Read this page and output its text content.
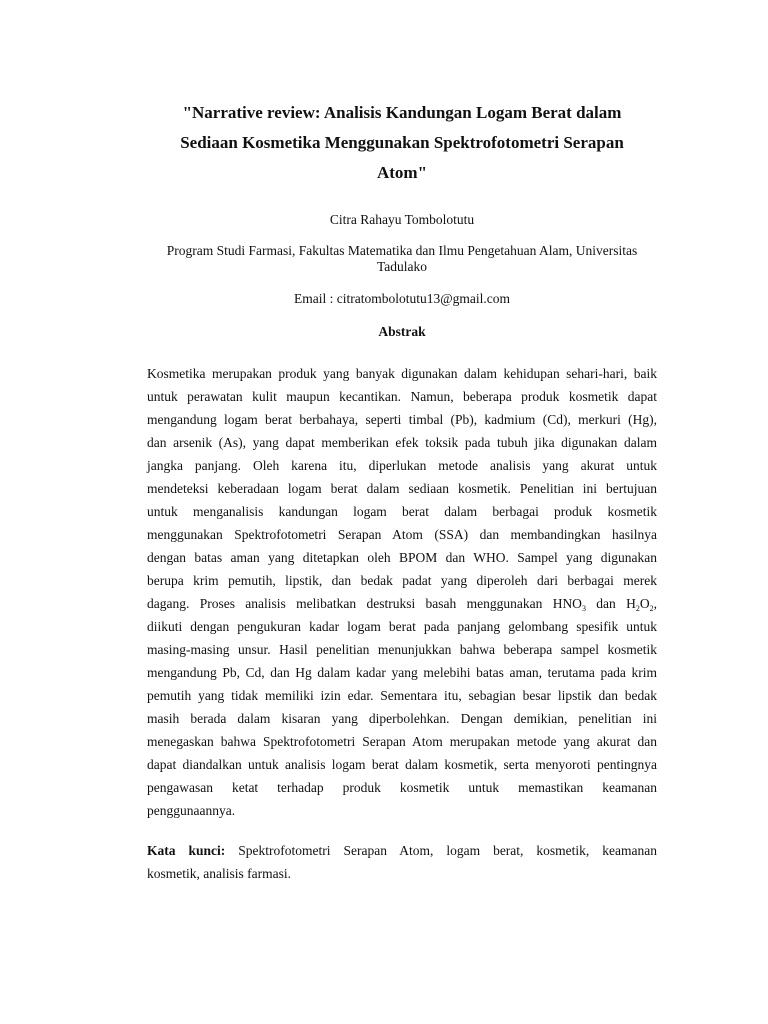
"Narrative review: Analisis Kandungan Logam Berat dalam
Sediaan Kosmetika Menggunakan Spektrofotometri Serapan
Atom"
Citra Rahayu Tombolotutu
Program Studi Farmasi, Fakultas Matematika dan Ilmu Pengetahuan Alam, Universitas
Tadulako
Email : citratombolotutu13@gmail.com
Abstrak
Kosmetika merupakan produk yang banyak digunakan dalam kehidupan sehari-hari, baik
untuk perawatan kulit maupun kecantikan. Namun, beberapa produk kosmetik dapat
mengandung logam berat berbahaya, seperti timbal (Pb), kadmium (Cd), merkuri (Hg),
dan arsenik (As), yang dapat memberikan efek toksik pada tubuh jika digunakan dalam
jangka panjang. Oleh karena itu, diperlukan metode analisis yang akurat untuk
mendeteksi keberadaan logam berat dalam sediaan kosmetik. Penelitian ini bertujuan
untuk menganalisis kandungan logam berat dalam berbagai produk kosmetik
menggunakan Spektrofotometri Serapan Atom (SSA) dan membandingkan hasilnya
dengan batas aman yang ditetapkan oleh BPOM dan WHO. Sampel yang digunakan
berupa krim pemutih, lipstik, dan bedak padat yang diperoleh dari berbagai merek
dagang. Proses analisis melibatkan destruksi basah menggunakan $HNO_3$ dan $H_2O_2$,
diikuti dengan pengukuran kadar logam berat pada panjang gelombang spesifik untuk
masing-masing unsur. Hasil penelitian menunjukkan bahwa beberapa sampel kosmetik
mengandung Pb, Cd, dan Hg dalam kadar yang melebihi batas aman, terutama pada krim
pemutih yang tidak memiliki izin edar. Sementara itu, sebagian besar lipstik dan bedak
masih berada dalam kisaran yang diperbolehkan. Dengan demikian, penelitian ini
menegaskan bahwa Spektrofotometri Serapan Atom merupakan metode yang akurat dan
dapat diandalkan untuk analisis logam berat dalam kosmetik, serta menyoroti pentingnya
pengawasan ketat terhadap produk kosmetik untuk memastikan keamanan
penggunaannya.
Kata kunci: Spektrofotometri Serapan Atom, logam berat, kosmetik, keamanan
kosmetik, analisis farmasi.
